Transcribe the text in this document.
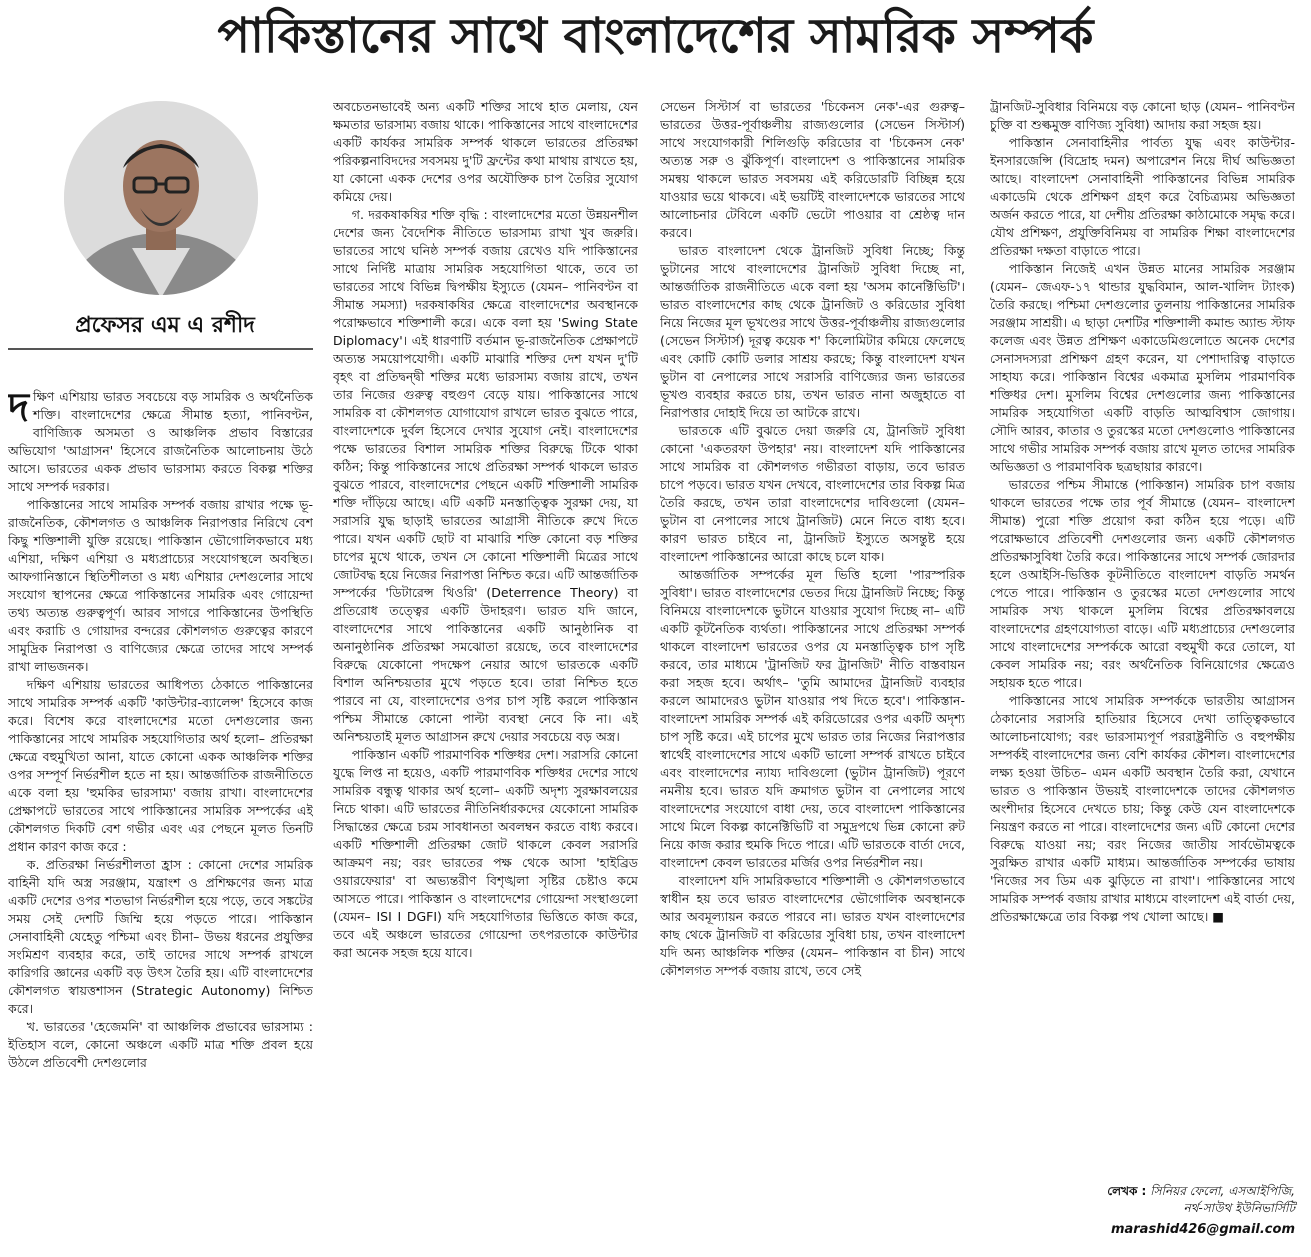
পাকিস্তানের সাথে বাংলাদেশের সামরিক সম্পর্ক

প্রফেসর এম এ রশীদ

দক্ষিণ এশিয়ায় ভারত সবচেয়ে বড় সামরিক ও অর্থনৈতিক শক্তি। বাংলাদেশের ক্ষেত্রে সীমান্ত হত্যা, পানিবণ্টন, বাণিজ্যিক অসমতা ও আঞ্চলিক প্রভাব বিস্তারের অভিযোগ 'আগ্রাসন' হিসেবে রাজনৈতিক আলোচনায় উঠে আসে। ভারতের একক প্রভাব ভারসাম্য করতে বিকল্প শক্তির সাথে সম্পর্ক দরকার।

পাকিস্তানের সাথে সামরিক সম্পর্ক বজায় রাখার পক্ষে ভূ-রাজনৈতিক, কৌশলগত ও আঞ্চলিক নিরাপত্তার নিরিখে বেশ কিছু শক্তিশালী যুক্তি রয়েছে। পাকিস্তান ভৌগোলিকভাবে মধ্য এশিয়া, দক্ষিণ এশিয়া ও মধ্যপ্রাচ্যের সংযোগস্থলে অবস্থিত। আফগানিস্তানে স্থিতিশীলতা ও মধ্য এশিয়ার দেশগুলোর সাথে সংযোগ স্থাপনের ক্ষেত্রে পাকিস্তানের সামরিক এবং গোয়েন্দা তথ্য অত্যন্ত গুরুত্বপূর্ণ। আরব সাগরে পাকিস্তানের উপস্থিতি এবং করাচি ও গোয়াদর বন্দরের কৌশলগত গুরুত্বের কারণে সামুদ্রিক নিরাপত্তা ও বাণিজ্যের ক্ষেত্রে তাদের সাথে সম্পর্ক রাখা লাভজনক।

দক্ষিণ এশিয়ায় ভারতের আধিপত্য ঠেকাতে পাকিস্তানের সাথে সামরিক সম্পর্ক একটি 'কাউন্টার-ব্যালেন্স' হিসেবে কাজ করে। বিশেষ করে বাংলাদেশের মতো দেশগুলোর জন্য পাকিস্তানের সাথে সামরিক সহযোগিতার অর্থ হলো– প্রতিরক্ষা ক্ষেত্রে বহুমুখিতা আনা, যাতে কোনো একক আঞ্চলিক শক্তির ওপর সম্পূর্ণ নির্ভরশীল হতে না হয়। আন্তর্জাতিক রাজনীতিতে একে বলা হয় 'হুমকির ভারসাম্য' বজায় রাখা। বাংলাদেশের প্রেক্ষাপটে ভারতের সাথে পাকিস্তানের সামরিক সম্পর্কের এই কৌশলগত দিকটি বেশ গভীর এবং এর পেছনে মূলত তিনটি প্রধান কারণ কাজ করে :

ক. প্রতিরক্ষা নির্ভরশীলতা হ্রাস : কোনো দেশের সামরিক বাহিনী যদি অস্ত্র সরঞ্জাম, যন্ত্রাংশ ও প্রশিক্ষণের জন্য মাত্র একটি দেশের ওপর শতভাগ নির্ভরশীল হয়ে পড়ে, তবে সঙ্কটের সময় সেই দেশটি জিম্মি হয়ে পড়তে পারে। পাকিস্তান সেনাবাহিনী যেহেতু পশ্চিমা এবং চীনা– উভয় ধরনের প্রযুক্তির সংমিশ্রণ ব্যবহার করে, তাই তাদের সাথে সম্পর্ক রাখলে কারিগরি জ্ঞানের একটি বড় উৎস তৈরি হয়। এটি বাংলাদেশের কৌশলগত স্বায়ত্তশাসন (Strategic Autonomy) নিশ্চিত করে।

খ. ভারতের 'হেজেমনি' বা আঞ্চলিক প্রভাবের ভারসাম্য : ইতিহাস বলে, কোনো অঞ্চলে একটি মাত্র শক্তি প্রবল হয়ে উঠলে প্রতিবেশী দেশগুলোর

অবচেতনভাবেই অন্য একটি শক্তির সাথে হাত মেলায়, যেন ক্ষমতার ভারসাম্য বজায় থাকে। পাকিস্তানের সাথে বাংলাদেশের একটি কার্যকর সামরিক সম্পর্ক থাকলে ভারতের প্রতিরক্ষা পরিকল্পনাবিদদের সবসময় দু'টি ফ্রন্টের কথা মাথায় রাখতে হয়, যা কোনো একক দেশের ওপর অযৌক্তিক চাপ তৈরির সুযোগ কমিয়ে দেয়।

গ. দরকষাকষির শক্তি বৃদ্ধি : বাংলাদেশের মতো উন্নয়নশীল দেশের জন্য বৈদেশিক নীতিতে ভারসাম্য রাখা খুব জরুরি। ভারতের সাথে ঘনিষ্ঠ সম্পর্ক বজায় রেখেও যদি পাকিস্তানের সাথে নির্দিষ্ট মাত্রায় সামরিক সহযোগিতা থাকে, তবে তা ভারতের সাথে বিভিন্ন দ্বিপক্ষীয় ইস্যুতে (যেমন– পানিবণ্টন বা সীমান্ত সমস্যা) দরকষাকষির ক্ষেত্রে বাংলাদেশের অবস্থানকে পরোক্ষভাবে শক্তিশালী করে। একে বলা হয় 'Swing State Diplomacy'। এই ধারণাটি বর্তমান ভূ-রাজনৈতিক প্রেক্ষাপটে অত্যন্ত সময়োপযোগী। একটি মাঝারি শক্তির দেশ যখন দু'টি বৃহৎ বা প্রতিদ্বন্দ্বী শক্তির মধ্যে ভারসাম্য বজায় রাখে, তখন তার নিজের গুরুত্ব বহুগুণ বেড়ে যায়। পাকিস্তানের সাথে সামরিক বা কৌশলগত যোগাযোগ রাখলে ভারত বুঝতে পারে, বাংলাদেশকে দুর্বল হিসেবে দেখার সুযোগ নেই। বাংলাদেশের পক্ষে ভারতের বিশাল সামরিক শক্তির বিরুদ্ধে টিকে থাকা কঠিন; কিন্তু পাকিস্তানের সাথে প্রতিরক্ষা সম্পর্ক থাকলে ভারত বুঝতে পারবে, বাংলাদেশের পেছনে একটি শক্তিশালী সামরিক শক্তি দাঁড়িয়ে আছে। এটি একটি মনস্তাত্ত্বিক সুরক্ষা দেয়, যা সরাসরি যুদ্ধ ছাড়াই ভারতের আগ্রাসী নীতিকে রুখে দিতে পারে। যখন একটি ছোট বা মাঝারি শক্তি কোনো বড় শক্তির চাপের মুখে থাকে, তখন সে কোনো শক্তিশালী মিত্রের সাথে জোটবদ্ধ হয়ে নিজের নিরাপত্তা নিশ্চিত করে। এটি আন্তর্জাতিক সম্পর্কের 'ডিটারেন্স থিওরি' (Deterrence Theory) বা প্রতিরোধ তত্ত্বের একটি উদাহরণ। ভারত যদি জানে, বাংলাদেশের সাথে পাকিস্তানের একটি আনুষ্ঠানিক বা অনানুষ্ঠানিক প্রতিরক্ষা সমঝোতা রয়েছে, তবে বাংলাদেশের বিরুদ্ধে যেকোনো পদক্ষেপ নেয়ার আগে ভারতকে একটি বিশাল অনিশ্চয়তার মুখে পড়তে হবে। তারা নিশ্চিত হতে পারবে না যে, বাংলাদেশের ওপর চাপ সৃষ্টি করলে পাকিস্তান পশ্চিম সীমান্তে কোনো পাল্টা ব্যবস্থা নেবে কি না। এই অনিশ্চয়তাই মূলত আগ্রাসন রুখে দেয়ার সবচেয়ে বড় অস্ত্র।

পাকিস্তান একটি পারমাণবিক শক্তিধর দেশ। সরাসরি কোনো যুদ্ধে লিপ্ত না হয়েও, একটি পারমাণবিক শক্তিধর দেশের সাথে সামরিক বন্ধুত্ব থাকার অর্থ হলো– একটি অদৃশ্য সুরক্ষাবলয়ের নিচে থাকা। এটি ভারতের নীতিনির্ধারকদের যেকোনো সামরিক সিদ্ধান্তের ক্ষেত্রে চরম সাবধানতা অবলম্বন করতে বাধ্য করবে। একটি শক্তিশালী প্রতিরক্ষা জোট থাকলে কেবল সরাসরি আক্রমণ নয়; বরং ভারতের পক্ষ থেকে আসা 'হাইব্রিড ওয়ারফেয়ার' বা অভ্যন্তরীণ বিশৃঙ্খলা সৃষ্টির চেষ্টাও কমে আসতে পারে। পাকিস্তান ও বাংলাদেশের গোয়েন্দা সংস্থাগুলো (যেমন– ISI I DGFI) যদি সহযোগিতার ভিত্তিতে কাজ করে, তবে এই অঞ্চলে ভারতের গোয়েন্দা তৎপরতাকে কাউন্টার করা অনেক সহজ হয়ে যাবে।

সেভেন সিস্টার্স বা ভারতের 'চিকেনস নেক'-এর গুরুত্ব– ভারতের উত্তর-পূর্বাঞ্চলীয় রাজ্যগুলোর (সেভেন সিস্টার্স) সাথে সংযোগকারী শিলিগুড়ি করিডোর বা 'চিকেনস নেক' অত্যন্ত সরু ও ঝুঁকিপূর্ণ। বাংলাদেশ ও পাকিস্তানের সামরিক সমন্বয় থাকলে ভারত সবসময় এই করিডোরটি বিচ্ছিন্ন হয়ে যাওয়ার ভয়ে থাকবে। এই ভয়টিই বাংলাদেশকে ভারতের সাথে আলোচনার টেবিলে একটি ভেটো পাওয়ার বা শ্রেষ্ঠত্ব দান করবে।

ভারত বাংলাদেশ থেকে ট্রানজিট সুবিধা নিচ্ছে; কিন্তু ভুটানের সাথে বাংলাদেশের ট্রানজিট সুবিধা দিচ্ছে না, আন্তর্জাতিক রাজনীতিতে একে বলা হয় 'অসম কানেক্টিভিটি'। ভারত বাংলাদেশের কাছ থেকে ট্রানজিট ও করিডোর সুবিধা নিয়ে নিজের মূল ভূখণ্ডের সাথে উত্তর-পূর্বাঞ্চলীয় রাজ্যগুলোর (সেভেন সিস্টার্স) দূরত্ব কয়েক শ' কিলোমিটার কমিয়ে ফেলেছে এবং কোটি কোটি ডলার সাশ্রয় করছে; কিন্তু বাংলাদেশ যখন ভুটান বা নেপালের সাথে সরাসরি বাণিজ্যের জন্য ভারতের ভূখণ্ড ব্যবহার করতে চায়, তখন ভারত নানা অজুহাতে বা নিরাপত্তার দোহাই দিয়ে তা আটকে রাখে।

ভারতকে এটি বুঝতে দেয়া জরুরি যে, ট্রানজিট সুবিধা কোনো 'একতরফা উপহার' নয়। বাংলাদেশ যদি পাকিস্তানের সাথে সামরিক বা কৌশলগত গভীরতা বাড়ায়, তবে ভারত চাপে পড়বে। ভারত যখন দেখবে, বাংলাদেশের তার বিকল্প মিত্র তৈরি করছে, তখন তারা বাংলাদেশের দাবিগুলো (যেমন– ভুটান বা নেপালের সাথে ট্রানজিট) মেনে নিতে বাধ্য হবে। কারণ ভারত চাইবে না, ট্রানজিট ইস্যুতে অসন্তুষ্ট হয়ে বাংলাদেশ পাকিস্তানের আরো কাছে চলে যাক।

আন্তর্জাতিক সম্পর্কের মূল ভিত্তি হলো 'পারস্পরিক সুবিধা'। ভারত বাংলাদেশের ভেতর দিয়ে ট্রানজিট নিচ্ছে; কিন্তু বিনিময়ে বাংলাদেশকে ভুটানে যাওয়ার সুযোগ দিচ্ছে না– এটি একটি কূটনৈতিক ব্যর্থতা। পাকিস্তানের সাথে প্রতিরক্ষা সম্পর্ক থাকলে বাংলাদেশ ভারতের ওপর যে মনস্তাত্ত্বিক চাপ সৃষ্টি করবে, তার মাধ্যমে 'ট্রানজিট ফর ট্রানজিট' নীতি বাস্তবায়ন করা সহজ হবে। অর্থাৎ– 'তুমি আমাদের ট্রানজিট ব্যবহার করলে আমাদেরও ভুটান যাওয়ার পথ দিতে হবে'। পাকিস্তান-বাংলাদেশ সামরিক সম্পর্ক এই করিডোরের ওপর একটি অদৃশ্য চাপ সৃষ্টি করে। এই চাপের মুখে ভারত তার নিজের নিরাপত্তার স্বার্থেই বাংলাদেশের সাথে একটি ভালো সম্পর্ক রাখতে চাইবে এবং বাংলাদেশের ন্যায্য দাবিগুলো (ভুটান ট্রানজিট) পূরণে নমনীয় হবে। ভারত যদি ক্রমাগত ভুটান বা নেপালের সাথে বাংলাদেশের সংযোগে বাধা দেয়, তবে বাংলাদেশ পাকিস্তানের সাথে মিলে বিকল্প কানেক্টিভিটি বা সমুদ্রপথে ভিন্ন কোনো রুট নিয়ে কাজ করার হুমকি দিতে পারে। এটি ভারতকে বার্তা দেবে, বাংলাদেশ কেবল ভারতের মর্জির ওপর নির্ভরশীল নয়।

বাংলাদেশ যদি সামরিকভাবে শক্তিশালী ও কৌশলগতভাবে স্বাধীন হয় তবে ভারত বাংলাদেশের ভৌগোলিক অবস্থানকে আর অবমূল্যায়ন করতে পারবে না। ভারত যখন বাংলাদেশের কাছ থেকে ট্রানজিট বা করিডোর সুবিধা চায়, তখন বাংলাদেশ যদি অন্য আঞ্চলিক শক্তির (যেমন– পাকিস্তান বা চীন) সাথে কৌশলগত সম্পর্ক বজায় রাখে, তবে সেই

ট্রানজিট-সুবিধার বিনিময়ে বড় কোনো ছাড় (যেমন– পানিবণ্টন চুক্তি বা শুল্কমুক্ত বাণিজ্য সুবিধা) আদায় করা সহজ হয়।

পাকিস্তান সেনাবাহিনীর পার্বত্য যুদ্ধ এবং কাউন্টার-ইনসারজেন্সি (বিদ্রোহ দমন) অপারেশন নিয়ে দীর্ঘ অভিজ্ঞতা আছে। বাংলাদেশ সেনাবাহিনী পাকিস্তানের বিভিন্ন সামরিক একাডেমি থেকে প্রশিক্ষণ গ্রহণ করে বৈচিত্র্যময় অভিজ্ঞতা অর্জন করতে পারে, যা দেশীয় প্রতিরক্ষা কাঠামোকে সমৃদ্ধ করে। যৌথ প্রশিক্ষণ, প্রযুক্তিবিনিময় বা সামরিক শিক্ষা বাংলাদেশের প্রতিরক্ষা দক্ষতা বাড়াতে পারে।

পাকিস্তান নিজেই এখন উন্নত মানের সামরিক সরঞ্জাম (যেমন– জেএফ-১৭ থান্ডার যুদ্ধবিমান, আল-খালিদ ট্যাংক) তৈরি করছে। পশ্চিমা দেশগুলোর তুলনায় পাকিস্তানের সামরিক সরঞ্জাম সাশ্রয়ী। এ ছাড়া দেশটির শক্তিশালী কমান্ড অ্যান্ড স্টাফ কলেজ এবং উন্নত প্রশিক্ষণ একাডেমিগুলোতে অনেক দেশের সেনাসদস্যরা প্রশিক্ষণ গ্রহণ করেন, যা পেশাদারিত্ব বাড়াতে সাহায্য করে। পাকিস্তান বিশ্বের একমাত্র মুসলিম পারমাণবিক শক্তিধর দেশ। মুসলিম বিশ্বের দেশগুলোর জন্য পাকিস্তানের সামরিক সহযোগিতা একটি বাড়তি আত্মবিশ্বাস জোগায়। সৌদি আরব, কাতার ও তুরস্কের মতো দেশগুলোও পাকিস্তানের সাথে গভীর সামরিক সম্পর্ক বজায় রাখে মূলত তাদের সামরিক অভিজ্ঞতা ও পারমাণবিক ছত্রছায়ার কারণে।

ভারতের পশ্চিম সীমান্তে (পাকিস্তান) সামরিক চাপ বজায় থাকলে ভারতের পক্ষে তার পূর্ব সীমান্তে (যেমন– বাংলাদেশ সীমান্ত) পুরো শক্তি প্রয়োগ করা কঠিন হয়ে পড়ে। এটি পরোক্ষভাবে প্রতিবেশী দেশগুলোর জন্য একটি কৌশলগত প্রতিরক্ষাসুবিধা তৈরি করে। পাকিস্তানের সাথে সম্পর্ক জোরদার হলে ওআইসি-ভিত্তিক কূটনীতিতে বাংলাদেশ বাড়তি সমর্থন পেতে পারে। পাকিস্তান ও তুরস্কের মতো দেশগুলোর সাথে সামরিক সখ্য থাকলে মুসলিম বিশ্বের প্রতিরক্ষাবলয়ে বাংলাদেশের গ্রহণযোগ্যতা বাড়ে। এটি মধ্যপ্রাচ্যের দেশগুলোর সাথে বাংলাদেশের সম্পর্ককে আরো বহুমুখী করে তোলে, যা কেবল সামরিক নয়; বরং অর্থনৈতিক বিনিয়োগের ক্ষেত্রেও সহায়ক হতে পারে।

পাকিস্তানের সাথে সামরিক সম্পর্ককে ভারতীয় আগ্রাসন ঠেকানোর সরাসরি হাতিয়ার হিসেবে দেখা তাত্ত্বিকভাবে আলোচনাযোগ্য; বরং ভারসাম্যপূর্ণ পররাষ্ট্রনীতি ও বহুপক্ষীয় সম্পর্কই বাংলাদেশের জন্য বেশি কার্যকর কৌশল। বাংলাদেশের লক্ষ্য হওয়া উচিত– এমন একটি অবস্থান তৈরি করা, যেখানে ভারত ও পাকিস্তান উভয়ই বাংলাদেশকে তাদের কৌশলগত অংশীদার হিসেবে দেখতে চায়; কিন্তু কেউ যেন বাংলাদেশকে নিয়ন্ত্রণ করতে না পারে। বাংলাদেশের জন্য এটি কোনো দেশের বিরুদ্ধে যাওয়া নয়; বরং নিজের জাতীয় সার্বভৌমত্বকে সুরক্ষিত রাখার একটি মাধ্যম। আন্তর্জাতিক সম্পর্কের ভাষায় 'নিজের সব ডিম এক ঝুড়িতে না রাখা'। পাকিস্তানের সাথে সামরিক সম্পর্ক বজায় রাখার মাধ্যমে বাংলাদেশ এই বার্তা দেয়, প্রতিরক্ষাক্ষেত্রে তার বিকল্প পথ খোলা আছে। ■

লেখক : সিনিয়র ফেলো, এসআইপিজি,
নর্থ-সাউথ ইউনিভার্সিটি
marashid426@gmail.com
